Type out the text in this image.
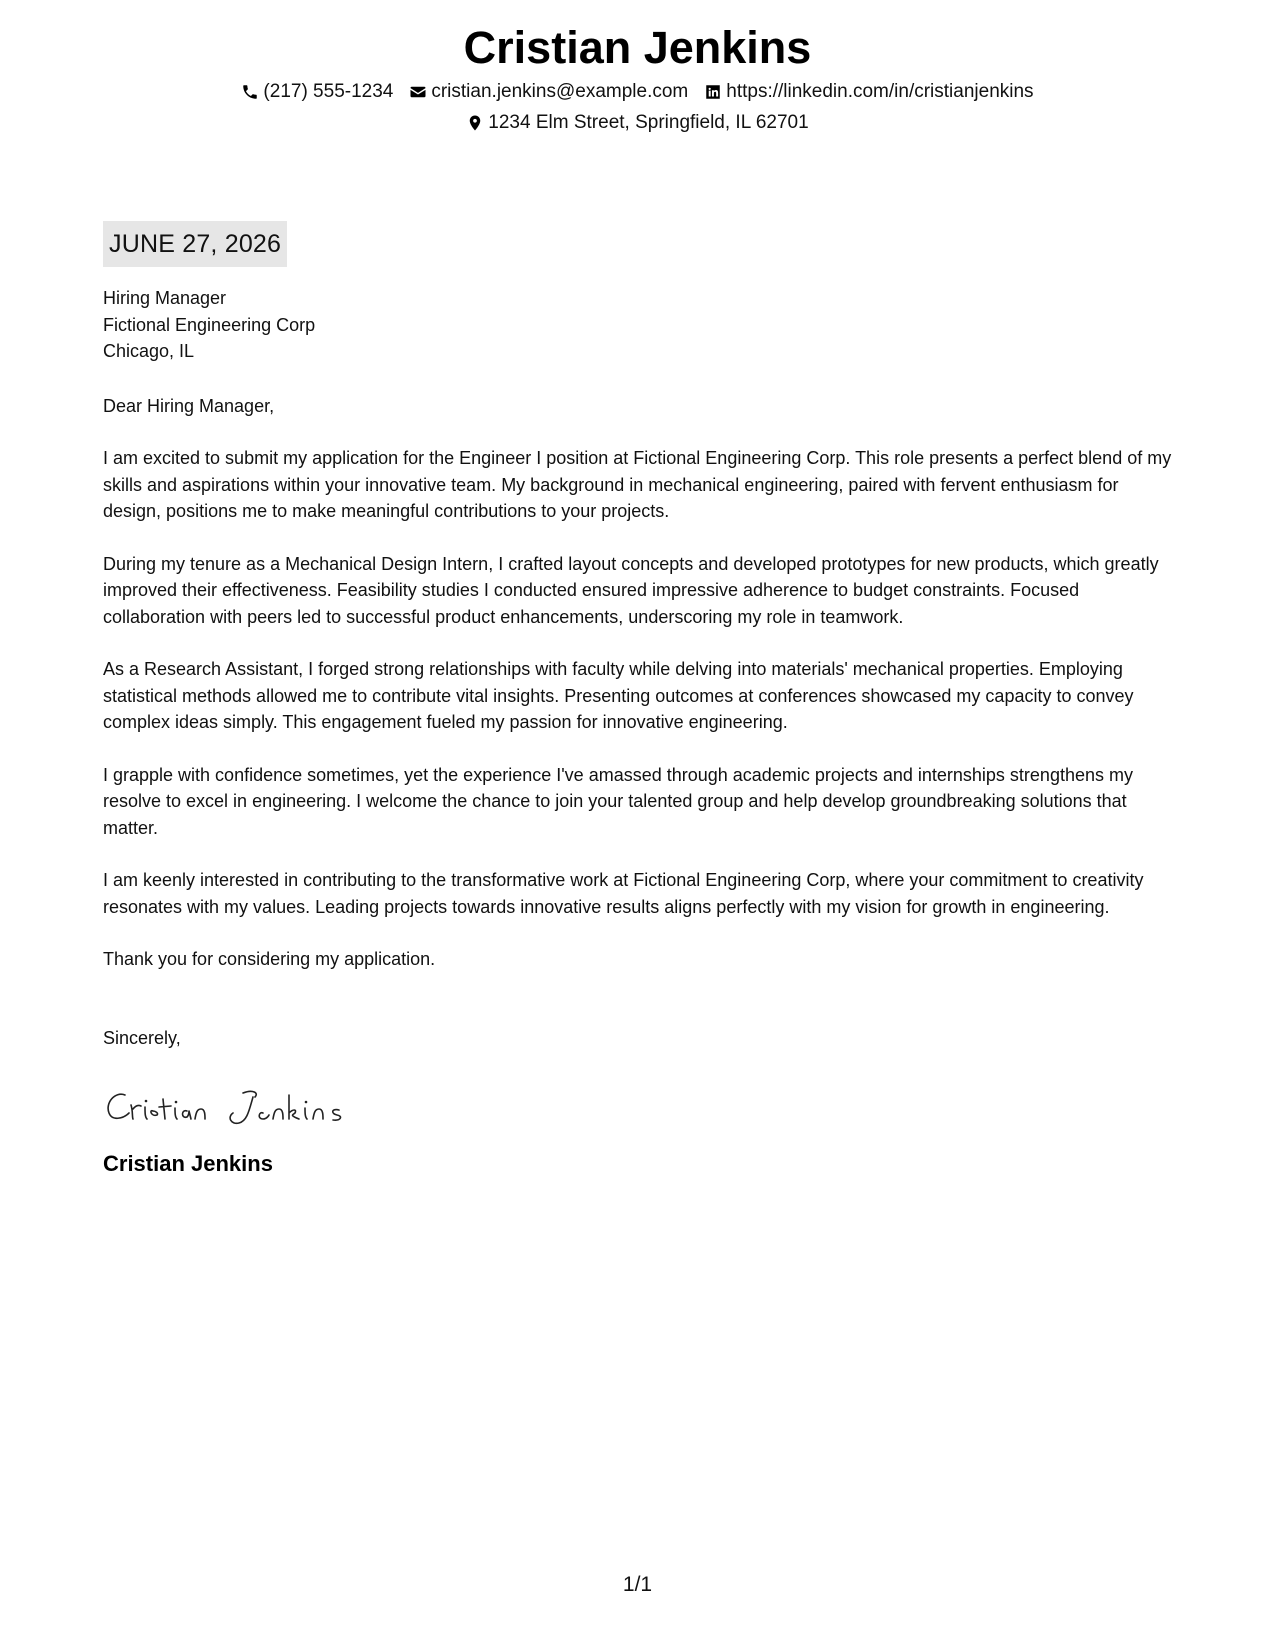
Cristian Jenkins
(217) 555-1234 cristian.jenkins@example.com https://linkedin.com/in/cristianjenkins
1234 Elm Street, Springfield, IL 62701
JUNE 27, 2026
Hiring Manager
Fictional Engineering Corp
Chicago, IL
Dear Hiring Manager,
I am excited to submit my application for the Engineer I position at Fictional Engineering Corp. This role presents a perfect blend of my skills and aspirations within your innovative team. My background in mechanical engineering, paired with fervent enthusiasm for design, positions me to make meaningful contributions to your projects.
During my tenure as a Mechanical Design Intern, I crafted layout concepts and developed prototypes for new products, which greatly improved their effectiveness. Feasibility studies I conducted ensured impressive adherence to budget constraints. Focused collaboration with peers led to successful product enhancements, underscoring my role in teamwork.
As a Research Assistant, I forged strong relationships with faculty while delving into materials' mechanical properties. Employing statistical methods allowed me to contribute vital insights. Presenting outcomes at conferences showcased my capacity to convey complex ideas simply. This engagement fueled my passion for innovative engineering.
I grapple with confidence sometimes, yet the experience I've amassed through academic projects and internships strengthens my resolve to excel in engineering. I welcome the chance to join your talented group and help develop groundbreaking solutions that matter.
I am keenly interested in contributing to the transformative work at Fictional Engineering Corp, where your commitment to creativity resonates with my values. Leading projects towards innovative results aligns perfectly with my vision for growth in engineering.
Thank you for considering my application.
Sincerely,
Cristian Jenkins
1/1
